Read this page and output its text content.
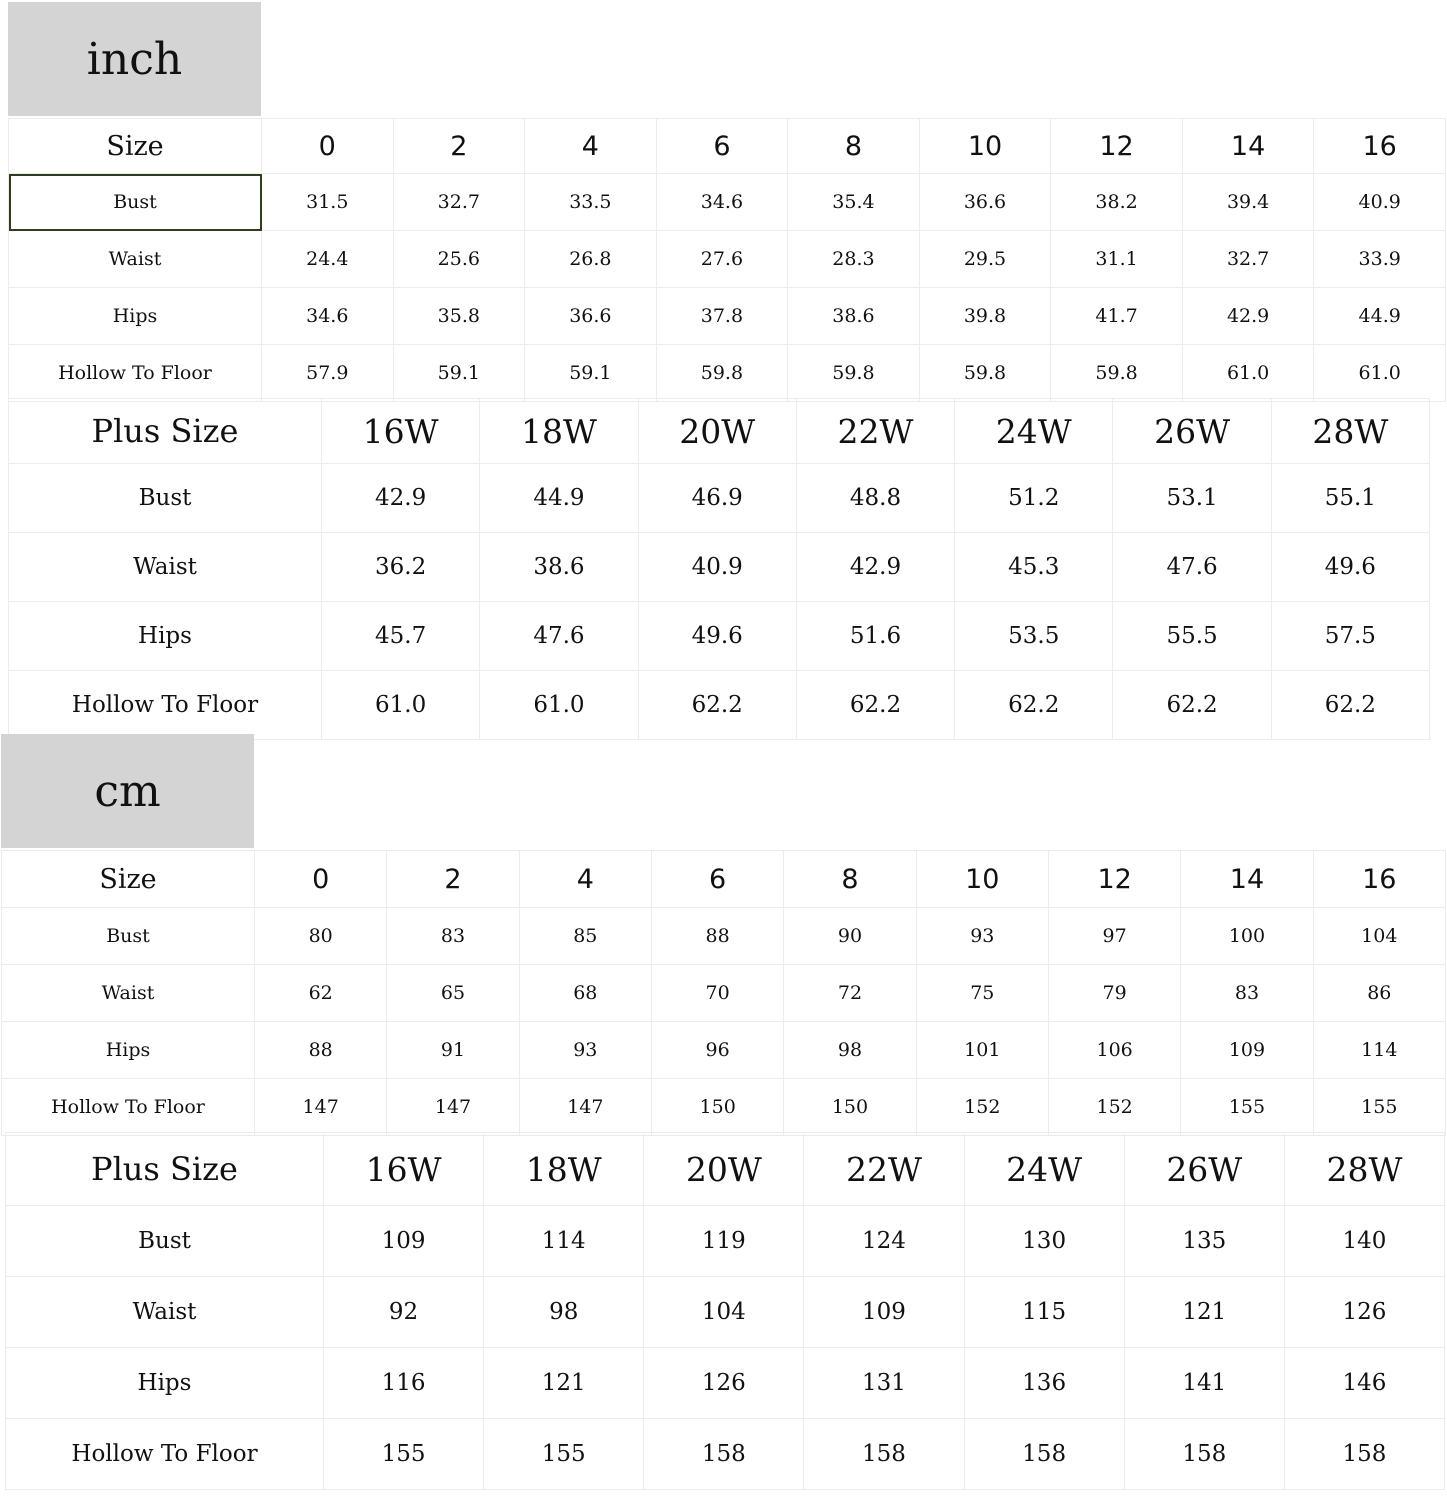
inch
Size	0	2	4	6	8	10	12	14	16
Bust	31.5	32.7	33.5	34.6	35.4	36.6	38.2	39.4	40.9
Waist	24.4	25.6	26.8	27.6	28.3	29.5	31.1	32.7	33.9
Hips	34.6	35.8	36.6	37.8	38.6	39.8	41.7	42.9	44.9
Hollow To Floor	57.9	59.1	59.1	59.8	59.8	59.8	59.8	61.0	61.0
Plus Size	16W	18W	20W	22W	24W	26W	28W
Bust	42.9	44.9	46.9	48.8	51.2	53.1	55.1
Waist	36.2	38.6	40.9	42.9	45.3	47.6	49.6
Hips	45.7	47.6	49.6	51.6	53.5	55.5	57.5
Hollow To Floor	61.0	61.0	62.2	62.2	62.2	62.2	62.2
cm
Size	0	2	4	6	8	10	12	14	16
Bust	80	83	85	88	90	93	97	100	104
Waist	62	65	68	70	72	75	79	83	86
Hips	88	91	93	96	98	101	106	109	114
Hollow To Floor	147	147	147	150	150	152	152	155	155
Plus Size	16W	18W	20W	22W	24W	26W	28W
Bust	109	114	119	124	130	135	140
Waist	92	98	104	109	115	121	126
Hips	116	121	126	131	136	141	146
Hollow To Floor	155	155	158	158	158	158	158
